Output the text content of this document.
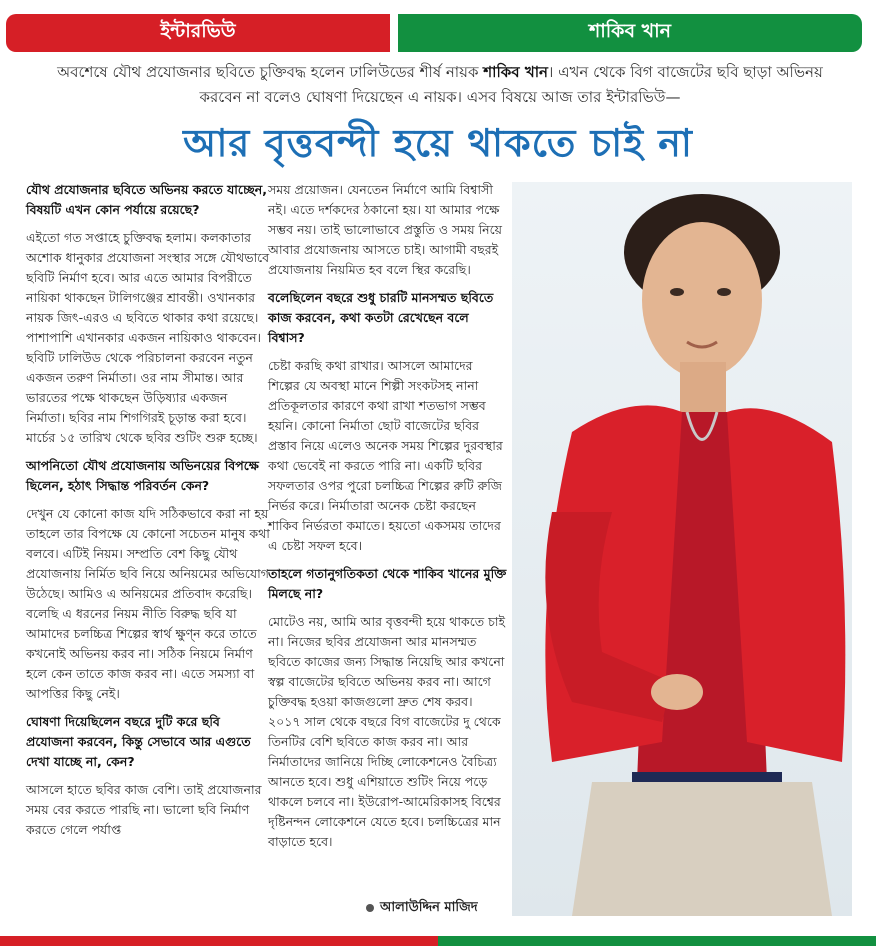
ইন্টারভিউ	শাকিব খান
অবশেষে যৌথ প্রযোজনার ছবিতে চুক্তিবদ্ধ হলেন ঢালিউডের শীর্ষ নায়ক শাকিব খান। এখন থেকে বিগ বাজেটের ছবি ছাড়া অভিনয় করবেন না বলেও ঘোষণা দিয়েছেন এ নায়ক। এসব বিষয়ে আজ তার ইন্টারভিউ—
আর বৃত্তবন্দী হয়ে থাকতে চাই না

যৌথ প্রযোজনার ছবিতে অভিনয় করতে যাচ্ছেন, বিষয়টি এখন কোন পর্যায়ে রয়েছে?

এইতো গত সপ্তাহে চুক্তিবদ্ধ হলাম। কলকাতার অশোক ধানুকার প্রযোজনা সংস্থার সঙ্গে যৌথভাবে ছবিটি নির্মাণ হবে। আর এতে আমার বিপরীতে নায়িকা থাকছেন টালিগঞ্জের শ্রাবন্তী। ওখানকার নায়ক জিৎ-এরও এ ছবিতে থাকার কথা রয়েছে। পাশাপাশি এখানকার একজন নায়িকাও থাকবেন। ছবিটি ঢালিউড থেকে পরিচালনা করবেন নতুন একজন তরুণ নির্মাতা। ওর নাম সীমান্ত। আর ভারতের পক্ষে থাকছেন উড়িষ্যার একজন নির্মাতা। ছবির নাম শিগগিরই চূড়ান্ত করা হবে। মার্চের ১৫ তারিখ থেকে ছবির শুটিং শুরু হচ্ছে।

আপনিতো যৌথ প্রযোজনায় অভিনয়ের বিপক্ষে ছিলেন, হঠাৎ সিদ্ধান্ত পরিবর্তন কেন?

দেখুন যে কোনো কাজ যদি সঠিকভাবে করা না হয় তাহলে তার বিপক্ষে যে কোনো সচেতন মানুষ কথা বলবে। এটিই নিয়ম। সম্প্রতি বেশ কিছু যৌথ প্রযোজনায় নির্মিত ছবি নিয়ে অনিয়মের অভিযোগ উঠেছে। আমিও এ অনিয়মের প্রতিবাদ করেছি। বলেছি এ ধরনের নিয়ম নীতি বিরুদ্ধ ছবি যা আমাদের চলচ্চিত্র শিল্পের স্বার্থ ক্ষুণ্ন করে তাতে কখনোই অভিনয় করব না। সঠিক নিয়মে নির্মাণ হলে কেন তাতে কাজ করব না। এতে সমস্যা বা আপত্তির কিছু নেই।

ঘোষণা দিয়েছিলেন বছরে দুটি করে ছবি প্রযোজনা করবেন, কিন্তু সেভাবে আর এগুতে দেখা যাচ্ছে না, কেন?

আসলে হাতে ছবির কাজ বেশি। তাই প্রযোজনার সময় বের করতে পারছি না। ভালো ছবি নির্মাণ করতে গেলে পর্যাপ্ত

সময় প্রয়োজন। যেনতেন নির্মাণে আমি বিশ্বাসী নই। এতে দর্শকদের ঠকানো হয়। যা আমার পক্ষে সম্ভব নয়। তাই ভালোভাবে প্রস্তুতি ও সময় নিয়ে আবার প্রযোজনায় আসতে চাই। আগামী বছরই প্রযোজনায় নিয়মিত হব বলে স্থির করেছি।

বলেছিলেন বছরে শুধু চারটি মানসম্মত ছবিতে কাজ করবেন, কথা কতটা রেখেছেন বলে বিশ্বাস?

চেষ্টা করছি কথা রাখার। আসলে আমাদের শিল্পের যে অবস্থা মানে শিল্পী সংকটসহ নানা প্রতিকূলতার কারণে কথা রাখা শতভাগ সম্ভব হয়নি। কোনো নির্মাতা ছোট বাজেটের ছবির প্রস্তাব নিয়ে এলেও অনেক সময় শিল্পের দুরবস্থার কথা ভেবেই না করতে পারি না। একটি ছবির সফলতার ওপর পুরো চলচ্চিত্র শিল্পের রুটি রুজি নির্ভর করে। নির্মাতারা অনেক চেষ্টা করছেন শাকিব নির্ভরতা কমাতে। হয়তো একসময় তাদের এ চেষ্টা সফল হবে।

তাহলে গতানুগতিকতা থেকে শাকিব খানের মুক্তি মিলছে না?

মোটেও নয়, আমি আর বৃত্তবন্দী হয়ে থাকতে চাই না। নিজের ছবির প্রযোজনা আর মানসম্মত ছবিতে কাজের জন্য সিদ্ধান্ত নিয়েছি আর কখনো স্বল্প বাজেটের ছবিতে অভিনয় করব না। আগে চুক্তিবদ্ধ হওয়া কাজগুলো দ্রুত শেষ করব। ২০১৭ সাল থেকে বছরে বিগ বাজেটের দু থেকে তিনটির বেশি ছবিতে কাজ করব না। আর নির্মাতাদের জানিয়ে দিচ্ছি লোকেশনেও বৈচিত্র্য আনতে হবে। শুধু এশিয়াতে শুটিং নিয়ে পড়ে থাকলে চলবে না। ইউরোপ-আমেরিকাসহ বিশ্বের দৃষ্টিনন্দন লোকেশনে যেতে হবে। চলচ্চিত্রের মান বাড়াতে হবে।

আলাউদ্দিন মাজিদ
